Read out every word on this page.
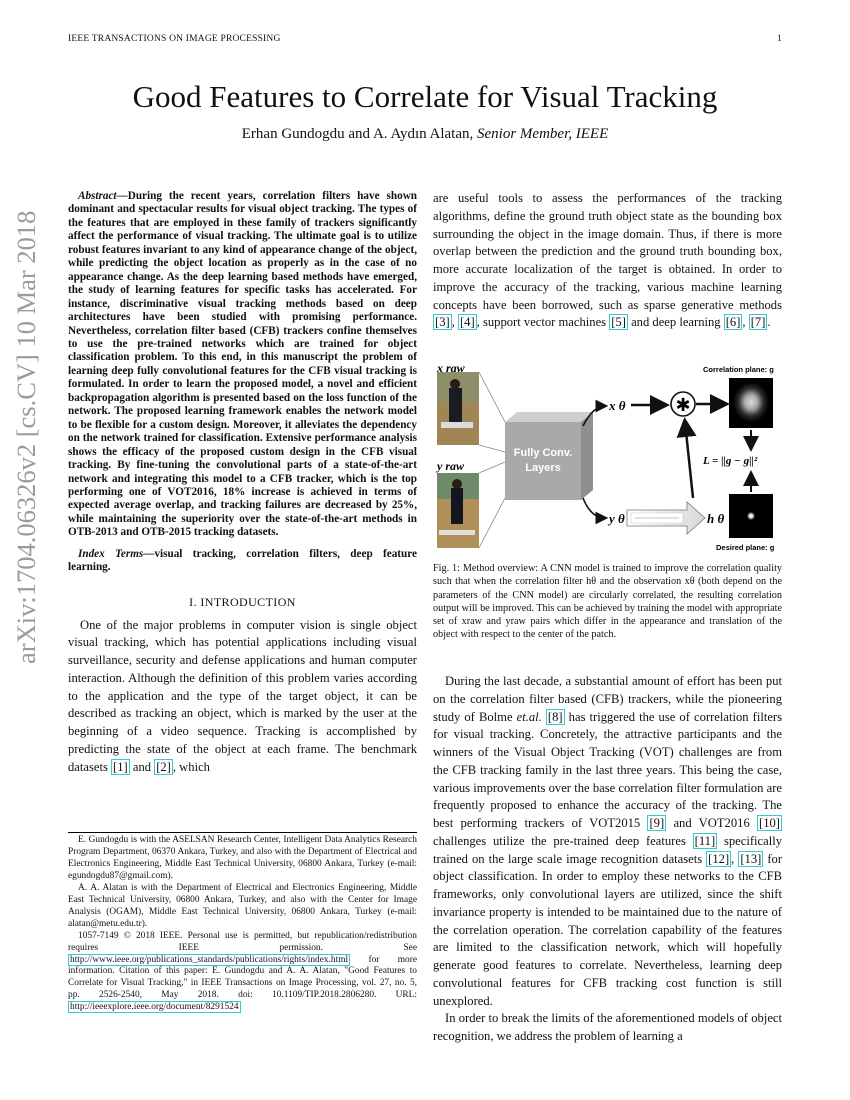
IEEE TRANSACTIONS ON IMAGE PROCESSING	1
arXiv:1704.06326v2 [cs.CV] 10 Mar 2018
Good Features to Correlate for Visual Tracking
Erhan Gundogdu and A. Aydın Alatan, Senior Member, IEEE

Abstract—During the recent years, correlation filters have shown dominant and spectacular results for visual object tracking. The types of the features that are employed in these family of trackers significantly affect the performance of visual tracking. The ultimate goal is to utilize robust features invariant to any kind of appearance change of the object, while predicting the object location as properly as in the case of no appearance change. As the deep learning based methods have emerged, the study of learning features for specific tasks has accelerated. For instance, discriminative visual tracking methods based on deep architectures have been studied with promising performance. Nevertheless, correlation filter based (CFB) trackers confine themselves to use the pre-trained networks which are trained for object classification problem. To this end, in this manuscript the problem of learning deep fully convolutional features for the CFB visual tracking is formulated. In order to learn the proposed model, a novel and efficient backpropagation algorithm is presented based on the loss function of the network. The proposed learning framework enables the network model to be flexible for a custom design. Moreover, it alleviates the dependency on the network trained for classification. Extensive performance analysis shows the efficacy of the proposed custom design in the CFB visual tracking. By fine-tuning the convolutional parts of a state-of-the-art network and integrating this model to a CFB tracker, which is the top performing one of VOT2016, 18% increase is achieved in terms of expected average overlap, and tracking failures are decreased by 25%, while maintaining the superiority over the state-of-the-art methods in OTB-2013 and OTB-2015 tracking datasets.

Index Terms—visual tracking, correlation filters, deep feature learning.

I. INTRODUCTION

One of the major problems in computer vision is single object visual tracking, which has potential applications including visual surveillance, security and defense applications and human computer interaction. Although the definition of this problem varies according to the application and the type of the target object, it can be described as tracking an object, which is marked by the user at the beginning of a video sequence. Tracking is accomplished by predicting the state of the object at each frame. The benchmark datasets [1] and [2] , which

E. Gundogdu is with the ASELSAN Research Center, Intelligent Data Analytics Research Program Department, 06370 Ankara, Turkey, and also with the Department of Electrical and Electronics Engineering, Middle East Technical University, 06800 Ankara, Turkey (e-mail: egundogdu87@gmail.com).

A. A. Alatan is with the Department of Electrical and Electronics Engineering, Middle East Technical University, 06800 Ankara, Turkey, and also with the Center for Image Analysis (OGAM), Middle East Technical University, 06800 Ankara, Turkey (e-mail: alatan@metu.edu.tr).

1057-7149 © 2018 IEEE. Personal use is permitted, but republication/redistribution requires IEEE permission. See http://www.ieee.org/publications_standards/publications/rights/index.html for more information. Citation of this paper: E. Gundogdu and A. A. Alatan, "Good Features to Correlate for Visual Tracking," in IEEE Transactions on Image Processing, vol. 27, no. 5, pp. 2526-2540, May 2018. doi: 10.1109/TIP.2018.2806280. URL: http://ieeexplore.ieee.org/document/8291524

are useful tools to assess the performances of the tracking algorithms, define the ground truth object state as the bounding box surrounding the object in the image domain. Thus, if there is more overlap between the prediction and the ground truth bounding box, more accurate localization of the target is obtained. In order to improve the accuracy of the tracking, various machine learning concepts have been borrowed, such as sparse generative methods [3] , [4] , support vector machines [5] and deep learning [6] , [7] .

x raw
y raw
Fully Conv.
Layers
x θ
y θ
✱
Correlation plane: g
L = ||g − g||²
Desired plane: g
h θ

Fig. 1: Method overview: A CNN model is trained to improve the correlation quality such that when the correlation filter hθ and the observation xθ (both depend on the parameters of the CNN model) are circularly correlated, the resulting correlation output will be improved. This can be achieved by training the model with appropriate set of xraw and yraw pairs which differ in the appearance and translation of the object with respect to the center of the patch.

During the last decade, a substantial amount of effort has been put on the correlation filter based (CFB) trackers, while the pioneering study of Bolme et.al. [8] has triggered the use of correlation filters for visual tracking. Concretely, the attractive participants and the winners of the Visual Object Tracking (VOT) challenges are from the CFB tracking family in the last three years. This being the case, various improvements over the base correlation filter formulation are frequently proposed to enhance the accuracy of the tracking. The best performing trackers of VOT2015 [9] and VOT2016 [10] challenges utilize the pre-trained deep features [11] specifically trained on the large scale image recognition datasets [12] , [13] for object classification. In order to employ these networks to the CFB frameworks, only convolutional layers are utilized, since the shift invariance property is intended to be maintained due to the nature of the correlation operation. The correlation capability of the features are limited to the classification network, which will hopefully generate good features to correlate. Nevertheless, learning deep convolutional features for CFB tracking cost function is still unexplored.

In order to break the limits of the aforementioned models of object recognition, we address the problem of learning a
